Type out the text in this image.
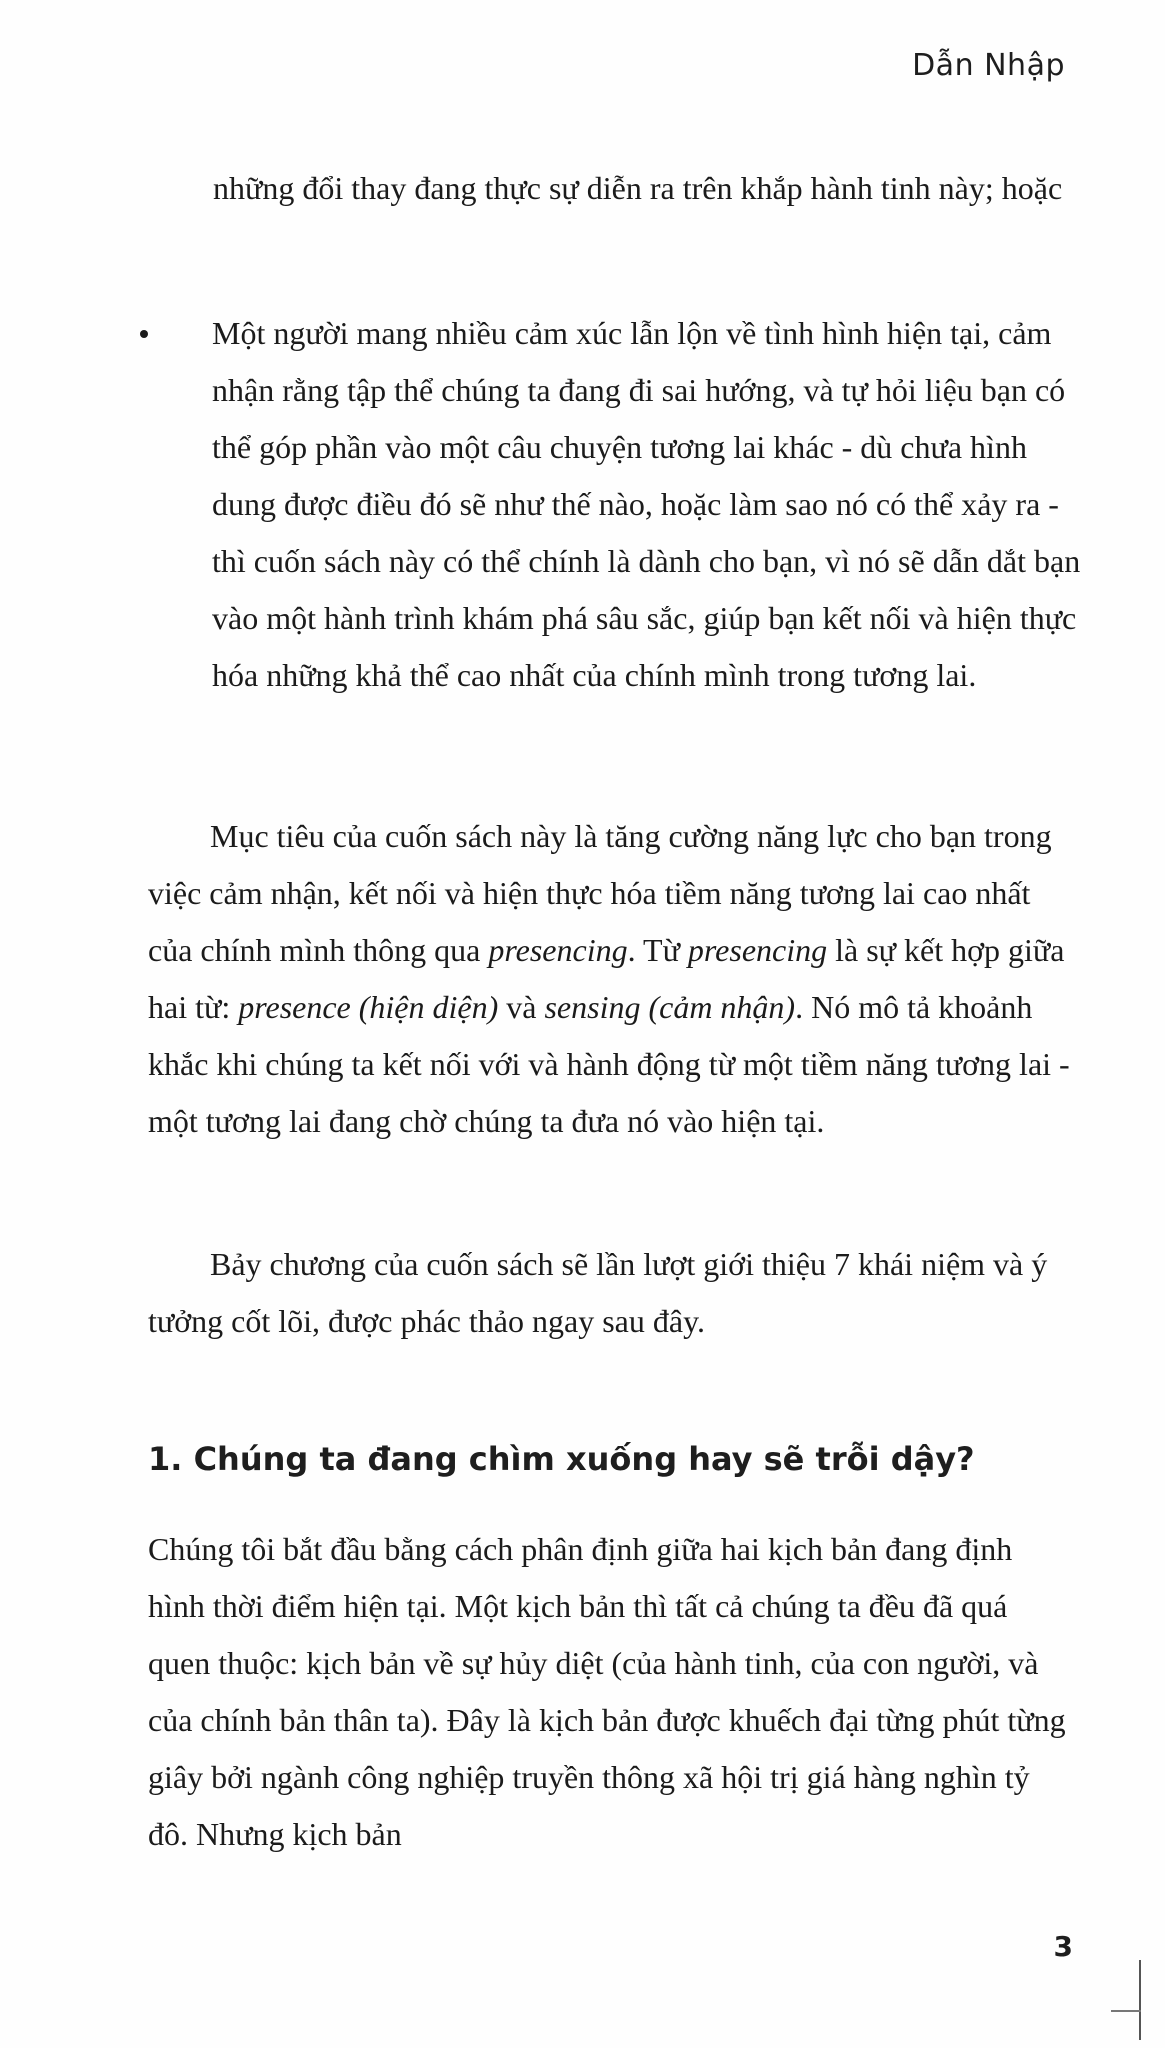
Dẫn Nhập

những đổi thay đang thực sự diễn ra trên khắp hành tinh này; hoặc

Một người mang nhiều cảm xúc lẫn lộn về tình hình hiện tại, cảm nhận rằng tập thể chúng ta đang đi sai hướng, và tự hỏi liệu bạn có thể góp phần vào một câu chuyện tương lai khác - dù chưa hình dung được điều đó sẽ như thế nào, hoặc làm sao nó có thể xảy ra - thì cuốn sách này có thể chính là dành cho bạn, vì nó sẽ dẫn dắt bạn vào một hành trình khám phá sâu sắc, giúp bạn kết nối và hiện thực hóa những khả thể cao nhất của chính mình trong tương lai.

Mục tiêu của cuốn sách này là tăng cường năng lực cho bạn trong việc cảm nhận, kết nối và hiện thực hóa tiềm năng tương lai cao nhất của chính mình thông qua presencing. Từ presencing là sự kết hợp giữa hai từ: presence (hiện diện) và sensing (cảm nhận). Nó mô tả khoảnh khắc khi chúng ta kết nối với và hành động từ một tiềm năng tương lai - một tương lai đang chờ chúng ta đưa nó vào hiện tại.

Bảy chương của cuốn sách sẽ lần lượt giới thiệu 7 khái niệm và ý tưởng cốt lõi, được phác thảo ngay sau đây.

1. Chúng ta đang chìm xuống hay sẽ trỗi dậy?

Chúng tôi bắt đầu bằng cách phân định giữa hai kịch bản đang định hình thời điểm hiện tại. Một kịch bản thì tất cả chúng ta đều đã quá quen thuộc: kịch bản về sự hủy diệt (của hành tinh, của con người, và của chính bản thân ta). Đây là kịch bản được khuếch đại từng phút từng giây bởi ngành công nghiệp truyền thông xã hội trị giá hàng nghìn tỷ đô. Nhưng kịch bản

3
